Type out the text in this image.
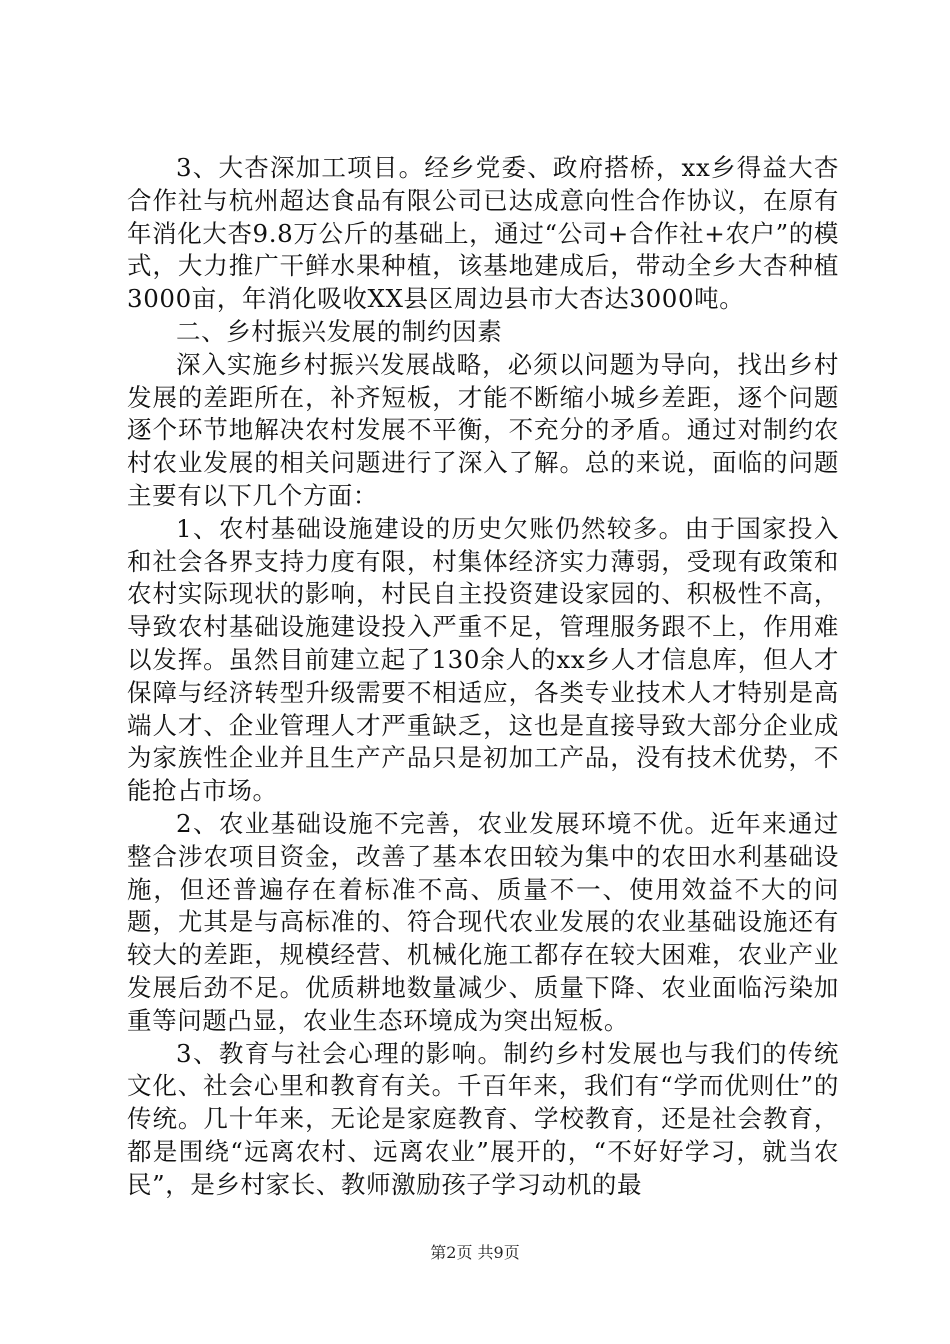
3、大杏深加工项目。经乡党委、政府搭桥，xx乡得益大杏合作社与杭州超达食品有限公司已达成意向性合作协议，在原有年消化大杏9.8万公斤的基础上，通过“公司+合作社+农户”的模式，大力推广干鲜水果种植，该基地建成后，带动全乡大杏种植3000亩，年消化吸收XX县区周边县市大杏达3000吨。

二、乡村振兴发展的制约因素

深入实施乡村振兴发展战略，必须以问题为导向，找出乡村发展的差距所在，补齐短板，才能不断缩小城乡差距，逐个问题逐个环节地解决农村发展不平衡，不充分的矛盾。通过对制约农村农业发展的相关问题进行了深入了解。总的来说，面临的问题主要有以下几个方面：

1、农村基础设施建设的历史欠账仍然较多。由于国家投入和社会各界支持力度有限，村集体经济实力薄弱，受现有政策和农村实际现状的影响，村民自主投资建设家园的、积极性不高，导致农村基础设施建设投入严重不足，管理服务跟不上，作用难以发挥。虽然目前建立起了130余人的xx乡人才信息库，但人才保障与经济转型升级需要不相适应，各类专业技术人才特别是高端人才、企业管理人才严重缺乏，这也是直接导致大部分企业成为家族性企业并且生产产品只是初加工产品，没有技术优势，不能抢占市场。

2、农业基础设施不完善，农业发展环境不优。近年来通过整合涉农项目资金，改善了基本农田较为集中的农田水利基础设施，但还普遍存在着标准不高、质量不一、使用效益不大的问题，尤其是与高标准的、符合现代农业发展的农业基础设施还有较大的差距，规模经营、机械化施工都存在较大困难，农业产业发展后劲不足。优质耕地数量减少、质量下降、农业面临污染加重等问题凸显，农业生态环境成为突出短板。

3、教育与社会心理的影响。制约乡村发展也与我们的传统文化、社会心里和教育有关。千百年来，我们有“学而优则仕”的传统。几十年来，无论是家庭教育、学校教育，还是社会教育，都是围绕“远离农村、远离农业”展开的，“不好好学习，就当农民”，是乡村家长、教师激励孩子学习动机的最

第2页 共9页
